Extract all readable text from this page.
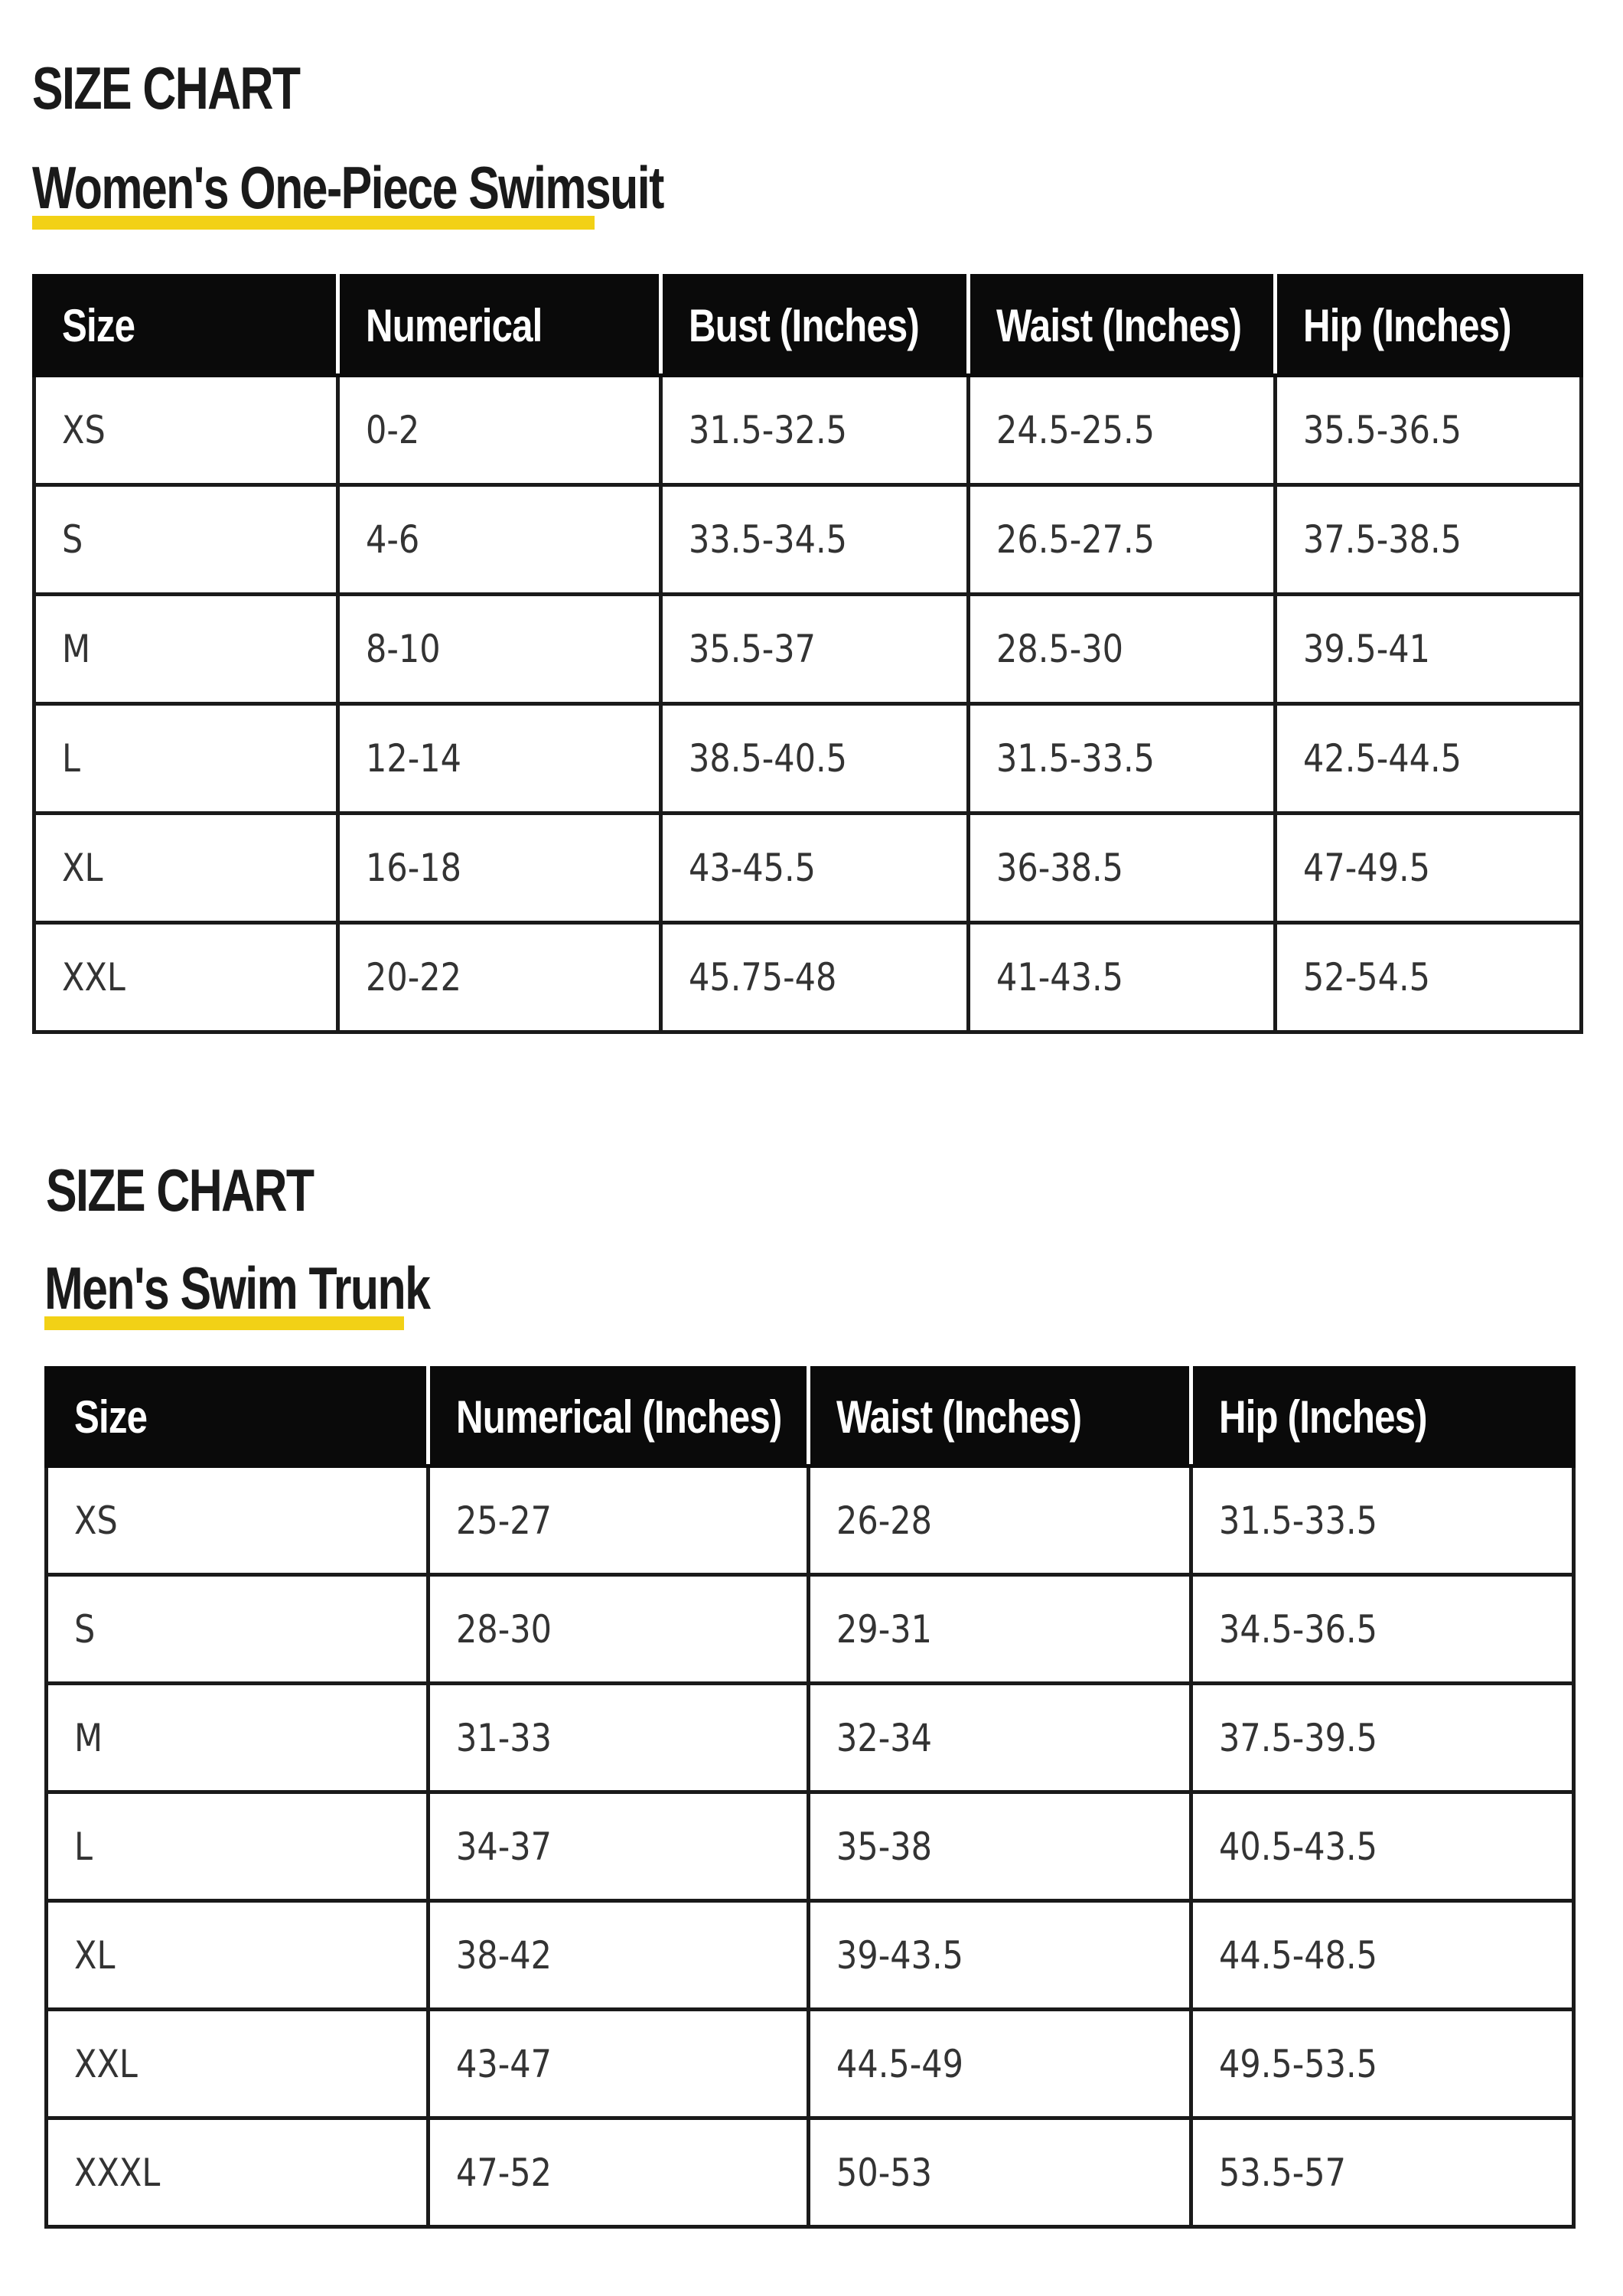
SIZE CHART
Women's One-Piece Swimsuit
Size	Numerical	Bust (Inches)	Waist (Inches)	Hip (Inches)
XS	0-2	31.5-32.5	24.5-25.5	35.5-36.5
S	4-6	33.5-34.5	26.5-27.5	37.5-38.5
M	8-10	35.5-37	28.5-30	39.5-41
L	12-14	38.5-40.5	31.5-33.5	42.5-44.5
XL	16-18	43-45.5	36-38.5	47-49.5
XXL	20-22	45.75-48	41-43.5	52-54.5
SIZE CHART
Men's Swim Trunk
Size	Numerical (Inches)	Waist (Inches)	Hip (Inches)
XS	25-27	26-28	31.5-33.5
S	28-30	29-31	34.5-36.5
M	31-33	32-34	37.5-39.5
L	34-37	35-38	40.5-43.5
XL	38-42	39-43.5	44.5-48.5
XXL	43-47	44.5-49	49.5-53.5
XXXL	47-52	50-53	53.5-57
